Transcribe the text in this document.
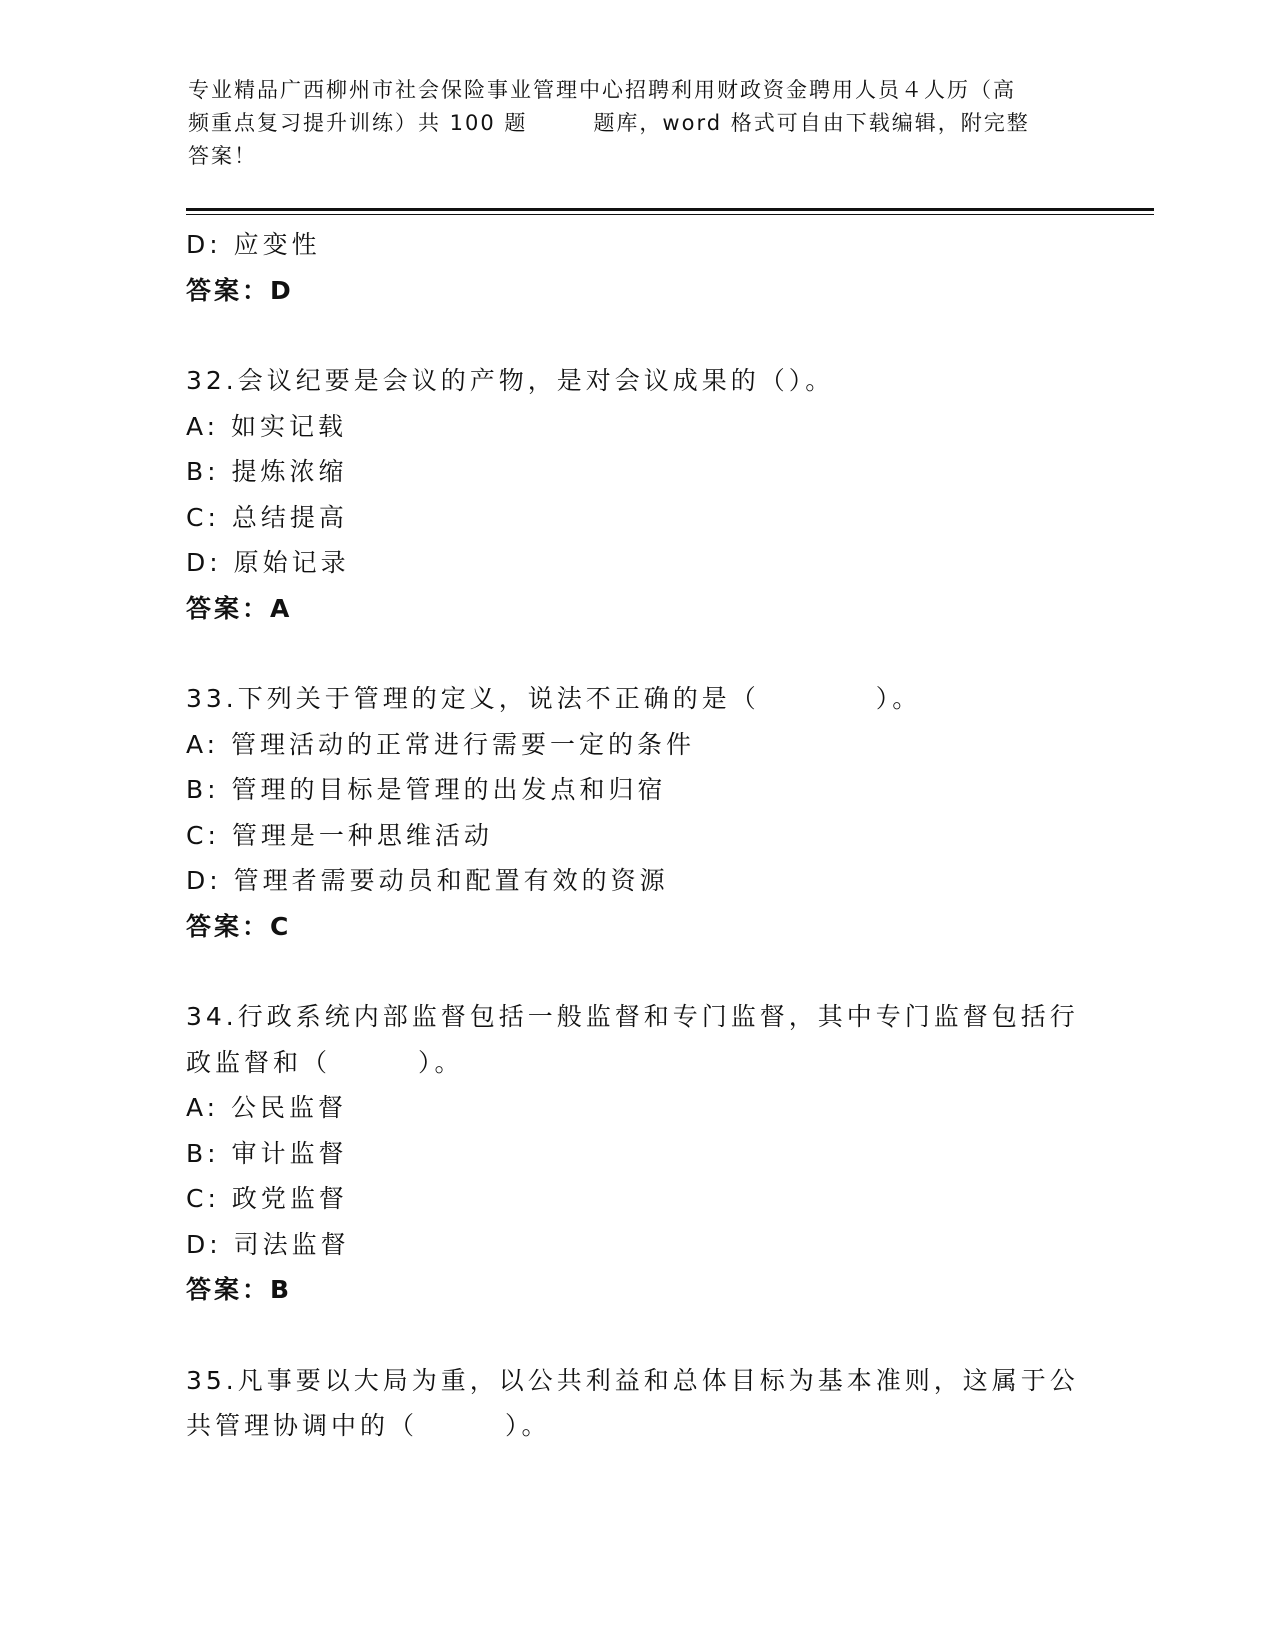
专业精品广西柳州市社会保险事业管理中心招聘利用财政资金聘用人员４人历（高
频重点复习提升训练）共 100 题	题库，word 格式可自由下载编辑，附完整
答案！
D: 应变性
答案：D
32.会议纪要是会议的产物，是对会议成果的（）。
A: 如实记载
B: 提炼浓缩
C: 总结提高
D: 原始记录
答案：A
33.下列关于管理的定义，说法不正确的是（　　　　）。
A: 管理活动的正常进行需要一定的条件
B: 管理的目标是管理的出发点和归宿
C: 管理是一种思维活动
D: 管理者需要动员和配置有效的资源
答案：C
34.行政系统内部监督包括一般监督和专门监督，其中专门监督包括行
政监督和（　　　）。
A: 公民监督
B: 审计监督
C: 政党监督
D: 司法监督
答案：B
35.凡事要以大局为重，以公共利益和总体目标为基本准则，这属于公
共管理协调中的（　　　）。
